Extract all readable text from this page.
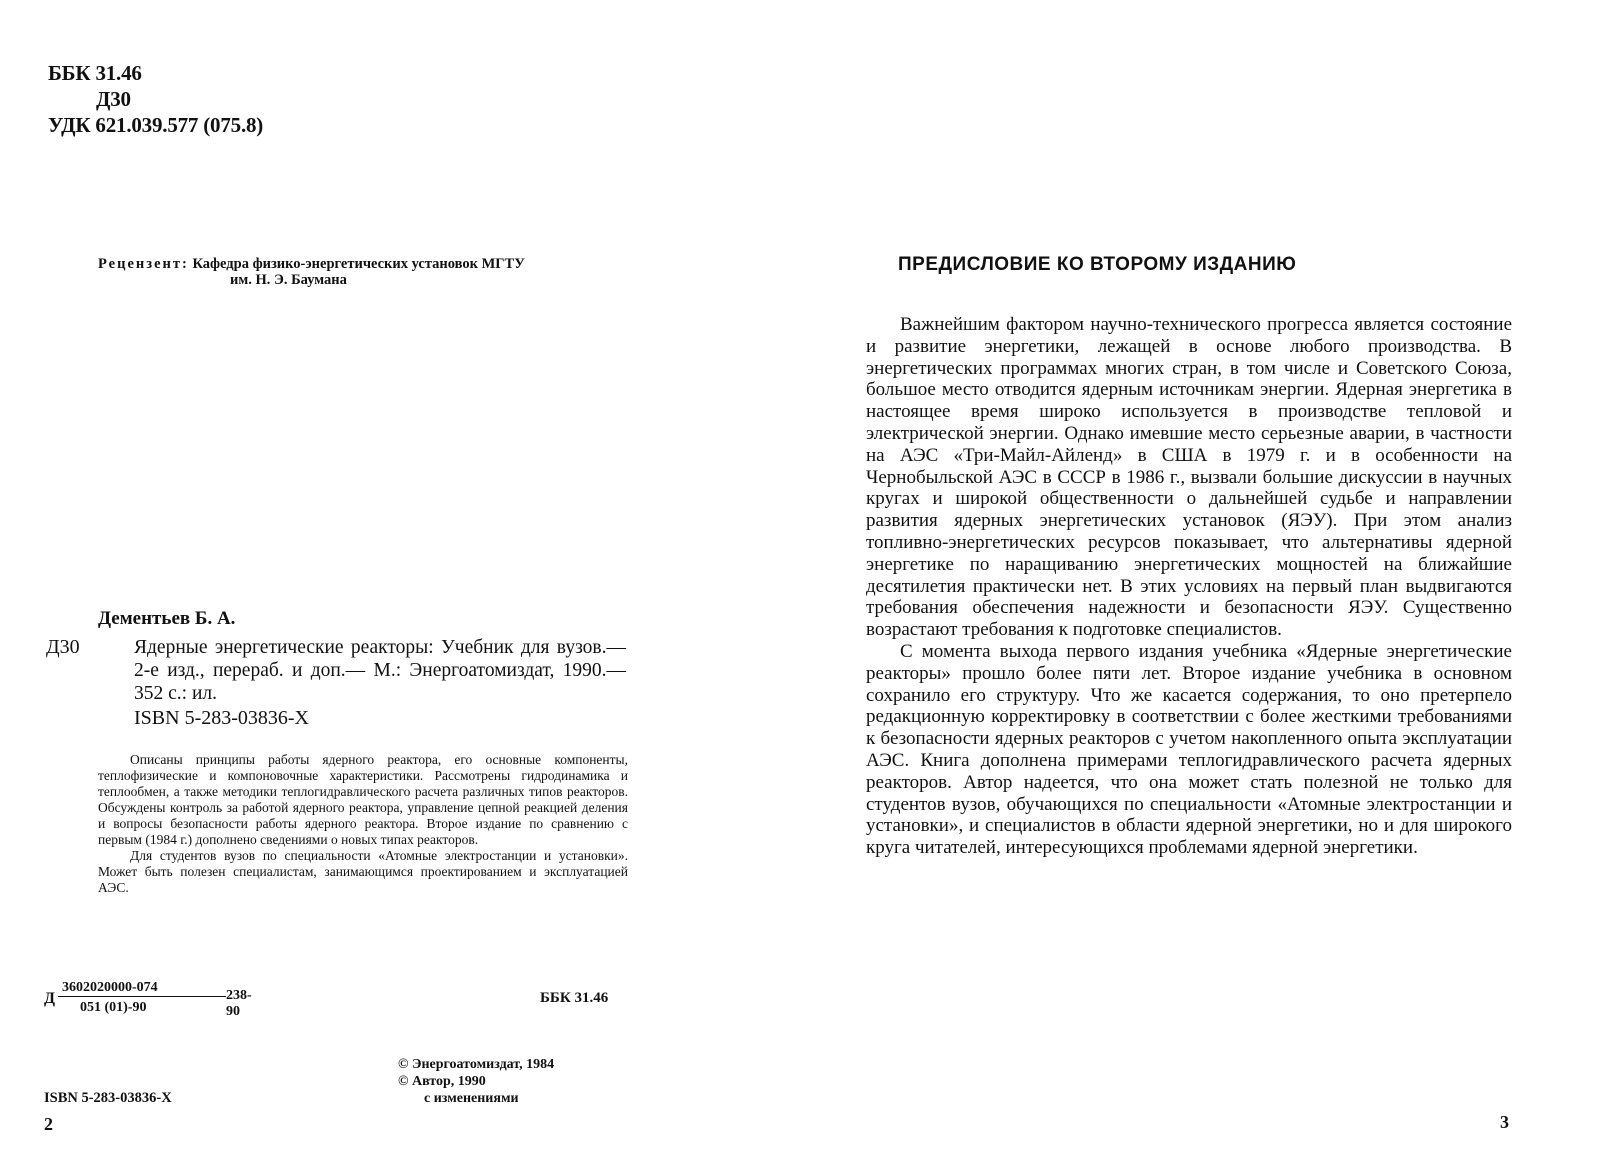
ББК 31.46
Д30
УДК 621.039.577 (075.8)
Рецензент: Кафедра физико-энергетических установок МГТУ
им. Н. Э. Баумана
Дементьев Б. А.
Д30	Ядерные энергетические реакторы: Учебник для вузов.— 2-е изд., перераб. и доп.— М.: Энергоатомиздат, 1990.— 352 с.: ил.
ISBN 5-283-03836-X

Описаны принципы работы ядерного реактора, его основные компоненты, теплофизические и компоновочные характеристики. Рассмотрены гидродинамика и теплообмен, а также методики теплогидравлического расчета различных типов реакторов. Обсуждены контроль за работой ядерного реактора, управление цепной реакцией деления и вопросы безопасности работы ядерного реактора. Второе издание по сравнению с первым (1984 г.) дополнено сведениями о новых типах реакторов.

Для студентов вузов по специальности «Атомные электростанции и установки». Может быть полезен специалистам, занимающимся проектированием и эксплуатацией АЭС.

Д
3602020000-074
051 (01)-90
238-90
ББК 31.46
© Энергоатомиздат, 1984
© Автор, 1990
с изменениями
ISBN 5-283-03836-X
2
ПРЕДИСЛОВИЕ КО ВТОРОМУ ИЗДАНИЮ

Важнейшим фактором научно-технического прогресса является состояние и развитие энергетики, лежащей в основе любого производства. В энергетических программах многих стран, в том числе и Советского Союза, большое место отводится ядерным источникам энергии. Ядерная энергетика в настоящее время широко используется в производстве тепловой и электрической энергии. Однако имевшие место серьезные аварии, в частности на АЭС «Три-Майл-Айленд» в США в 1979 г. и в особенности на Чернобыльской АЭС в СССР в 1986 г., вызвали большие дискуссии в научных кругах и широкой общественности о дальнейшей судьбе и направлении развития ядерных энергетических установок (ЯЭУ). При этом анализ топливно-энергетических ресурсов показывает, что альтернативы ядерной энергетике по наращиванию энергетических мощностей на ближайшие десятилетия практически нет. В этих условиях на первый план выдвигаются требования обеспечения надежности и безопасности ЯЭУ. Существенно возрастают требования к подготовке специалистов.

С момента выхода первого издания учебника «Ядерные энергетические реакторы» прошло более пяти лет. Второе издание учебника в основном сохранило его структуру. Что же касается содержания, то оно претерпело редакционную корректировку в соответствии с более жесткими требованиями к безопасности ядерных реакторов с учетом накопленного опыта эксплуатации АЭС. Книга дополнена примерами теплогидравлического расчета ядерных реакторов. Автор надеется, что она может стать полезной не только для студентов вузов, обучающихся по специальности «Атомные электростанции и установки», и специалистов в области ядерной энергетики, но и для широкого круга читателей, интересующихся проблемами ядерной энергетики.

3
